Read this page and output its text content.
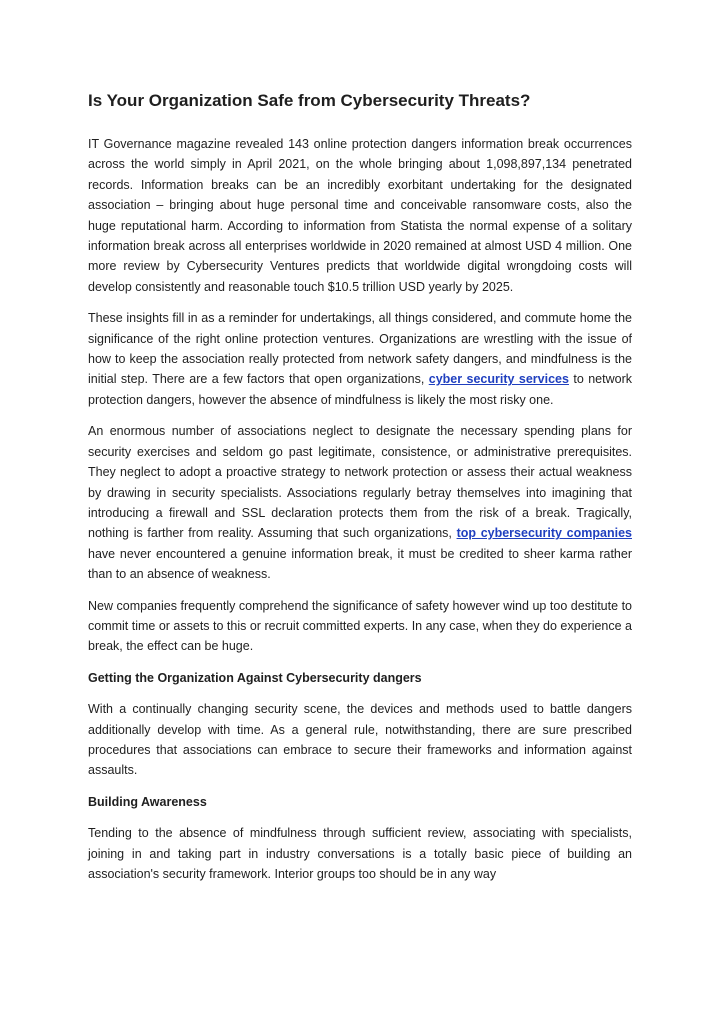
Is Your Organization Safe from Cybersecurity Threats?

IT Governance magazine revealed 143 online protection dangers information break occurrences across the world simply in April 2021, on the whole bringing about 1,098,897,134 penetrated records. Information breaks can be an incredibly exorbitant undertaking for the designated association – bringing about huge personal time and conceivable ransomware costs, also the huge reputational harm. According to information from Statista the normal expense of a solitary information break across all enterprises worldwide in 2020 remained at almost USD 4 million. One more review by Cybersecurity Ventures predicts that worldwide digital wrongdoing costs will develop consistently and reasonable touch $10.5 trillion USD yearly by 2025.

These insights fill in as a reminder for undertakings, all things considered, and commute home the significance of the right online protection ventures. Organizations are wrestling with the issue of how to keep the association really protected from network safety dangers, and mindfulness is the initial step. There are a few factors that open organizations, cyber security services to network protection dangers, however the absence of mindfulness is likely the most risky one.

An enormous number of associations neglect to designate the necessary spending plans for security exercises and seldom go past legitimate, consistence, or administrative prerequisites. They neglect to adopt a proactive strategy to network protection or assess their actual weakness by drawing in security specialists. Associations regularly betray themselves into imagining that introducing a firewall and SSL declaration protects them from the risk of a break. Tragically, nothing is farther from reality. Assuming that such organizations, top cybersecurity companies have never encountered a genuine information break, it must be credited to sheer karma rather than to an absence of weakness.

New companies frequently comprehend the significance of safety however wind up too destitute to commit time or assets to this or recruit committed experts. In any case, when they do experience a break, the effect can be huge.

Getting the Organization Against Cybersecurity dangers

With a continually changing security scene, the devices and methods used to battle dangers additionally develop with time. As a general rule, notwithstanding, there are sure prescribed procedures that associations can embrace to secure their frameworks and information against assaults.

Building Awareness

Tending to the absence of mindfulness through sufficient review, associating with specialists, joining in and taking part in industry conversations is a totally basic piece of building an association's security framework. Interior groups too should be in any way
